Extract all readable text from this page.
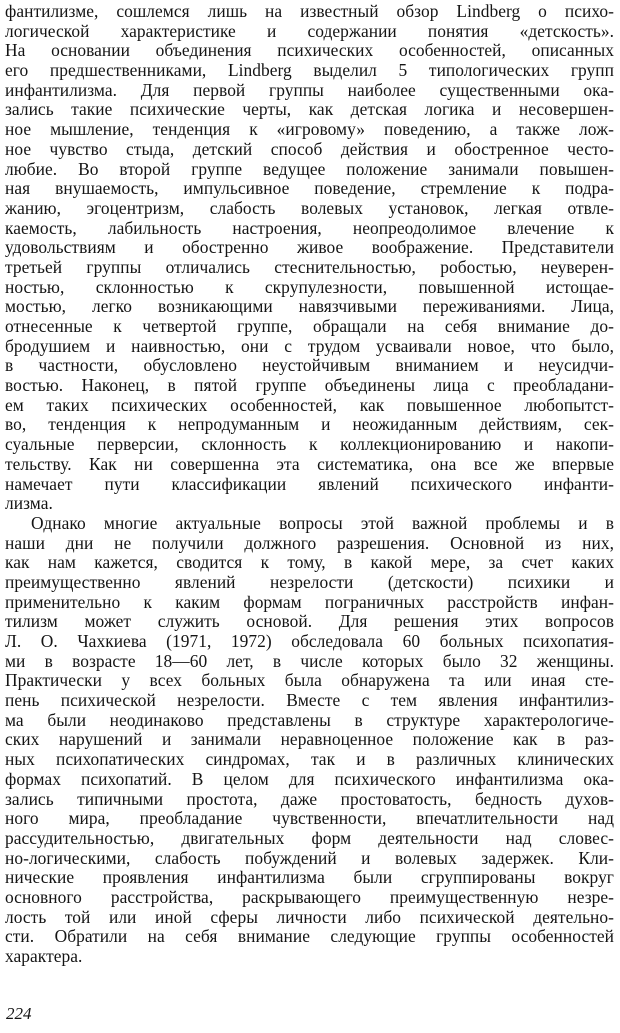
фантилизме, сошлемся лишь на известный обзор Lindberg о психо-
логической характеристике и содержании понятия «детскость».
На основании объединения психических особенностей, описанных
его предшественниками, Lindberg выделил 5 типологических групп
инфантилизма. Для первой группы наиболее существенными ока-
зались такие психические черты, как детская логика и несовершен-
ное мышление, тенденция к «игровому» поведению, а также лож-
ное чувство стыда, детский способ действия и обостренное често-
любие. Во второй группе ведущее положение занимали повышен-
ная внушаемость, импульсивное поведение, стремление к подра-
жанию, эгоцентризм, слабость волевых установок, легкая отвле-
каемость, лабильность настроения, неопреодолимое влечение к
удовольствиям и обостренно живое воображение. Представители
третьей группы отличались стеснительностью, робостью, неуверен-
ностью, склонностью к скрупулезности, повышенной истощае-
мостью, легко возникающими навязчивыми переживаниями. Лица,
отнесенные к четвертой группе, обращали на себя внимание до-
бродушием и наивностью, они с трудом усваивали новое, что было,
в частности, обусловлено неустойчивым вниманием и неусидчи-
востью. Наконец, в пятой группе объединены лица с преобладани-
ем таких психических особенностей, как повышенное любопытст-
во, тенденция к непродуманным и неожиданным действиям, сек-
суальные перверсии, склонность к коллекционированию и накопи-
тельству. Как ни совершенна эта систематика, она все же впервые
намечает пути классификации явлений психического инфанти-
лизма.
Однако многие актуальные вопросы этой важной проблемы и в
наши дни не получили должного разрешения. Основной из них,
как нам кажется, сводится к тому, в какой мере, за счет каких
преимущественно явлений незрелости (детскости) психики и
применительно к каким формам пограничных расстройств инфан-
тилизм может служить основой. Для решения этих вопросов
Л. О. Чахкиева (1971, 1972) обследовала 60 больных психопатия-
ми в возрасте 18—60 лет, в числе которых было 32 женщины.
Практически у всех больных была обнаружена та или иная сте-
пень психической незрелости. Вместе с тем явления инфантилиз-
ма были неодинаково представлены в структуре характерологиче-
ских нарушений и занимали неравноценное положение как в раз-
ных психопатических синдромах, так и в различных клинических
формах психопатий. В целом для психического инфантилизма ока-
зались типичными простота, даже простоватость, бедность духов-
ного мира, преобладание чувственности, впечатлительности над
рассудительностью, двигательных форм деятельности над словес-
но-логическими, слабость побуждений и волевых задержек. Кли-
нические проявления инфантилизма были сгруппированы вокруг
основного расстройства, раскрывающего преимущественную незре-
лость той или иной сферы личности либо психической деятельно-
сти. Обратили на себя внимание следующие группы особенностей
характера.
224
